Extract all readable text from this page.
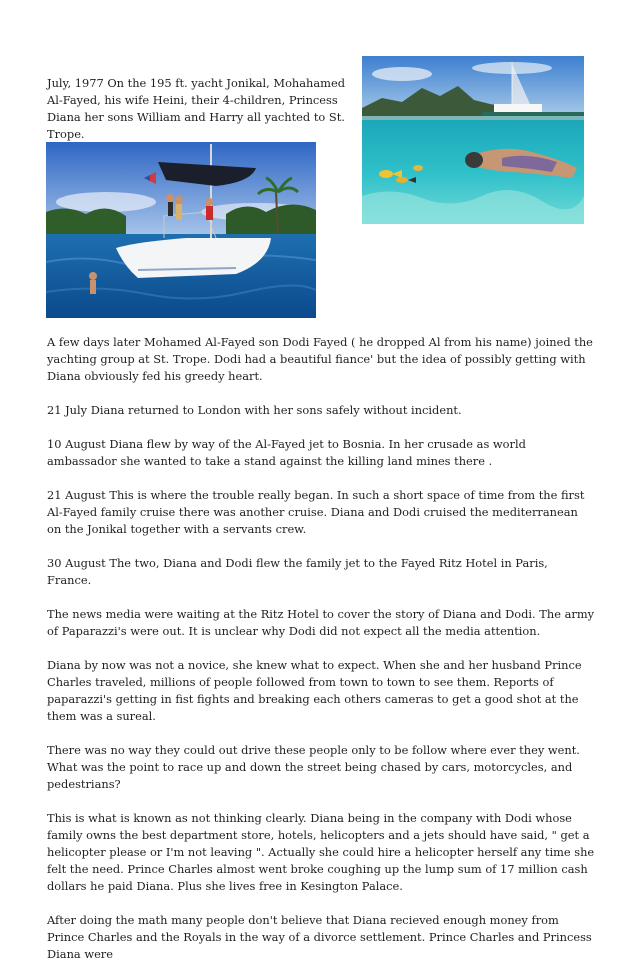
July, 1977 On the 195 ft. yacht Jonikal, Mohahamed Al-Fayed, his wife Heini, their 4-children, Princess Diana her sons William and Harry all yachted to St. Trope.

A few days later Mohamed Al-Fayed son Dodi Fayed ( he dropped Al from his name) joined the yachting group at St. Trope. Dodi had a beautiful fiance' but the idea of possibly getting with Diana obviously fed his greedy heart.

21 July Diana returned to London with her sons safely without incident.

10 August Diana flew by way of the Al-Fayed jet to Bosnia. In her crusade as world ambassador she wanted to take a stand against the killing land mines there .

21 August This is where the trouble really began. In such a short space of time from the first Al-Fayed family cruise there was another cruise. Diana and Dodi cruised the mediterranean on the Jonikal together with a servants crew.

30 August The two, Diana and Dodi flew the family jet to the Fayed Ritz Hotel in Paris, France.

The news media were waiting at the Ritz Hotel to cover the story of Diana and Dodi. The army of Paparazzi's were out. It is unclear why Dodi did not expect all the media attention.

Diana by now was not a novice, she knew what to expect. When she and her husband Prince Charles traveled, millions of people followed from town to town to see them. Reports of paparazzi's getting in fist fights and breaking each others cameras to get a good shot at the them was a sureal.

There was no way they could out drive these people only to be follow where ever they went. What was the point to race up and down the street being chased by cars, motorcycles, and pedestrians?

This is what is known as not thinking clearly. Diana being in the company with Dodi whose family owns the best department store, hotels, helicopters and a jets should have said, " get a helicopter please or I'm not leaving ". Actually she could hire a helicopter herself any time she felt the need. Prince Charles almost went broke coughing up the lump sum of 17 million cash dollars he paid Diana. Plus she lives free in Kesington Palace.

After doing the math many people don't believe that Diana recieved enough money from Prince Charles and the Royals in the way of a divorce settlement. Prince Charles and Princess Diana were
